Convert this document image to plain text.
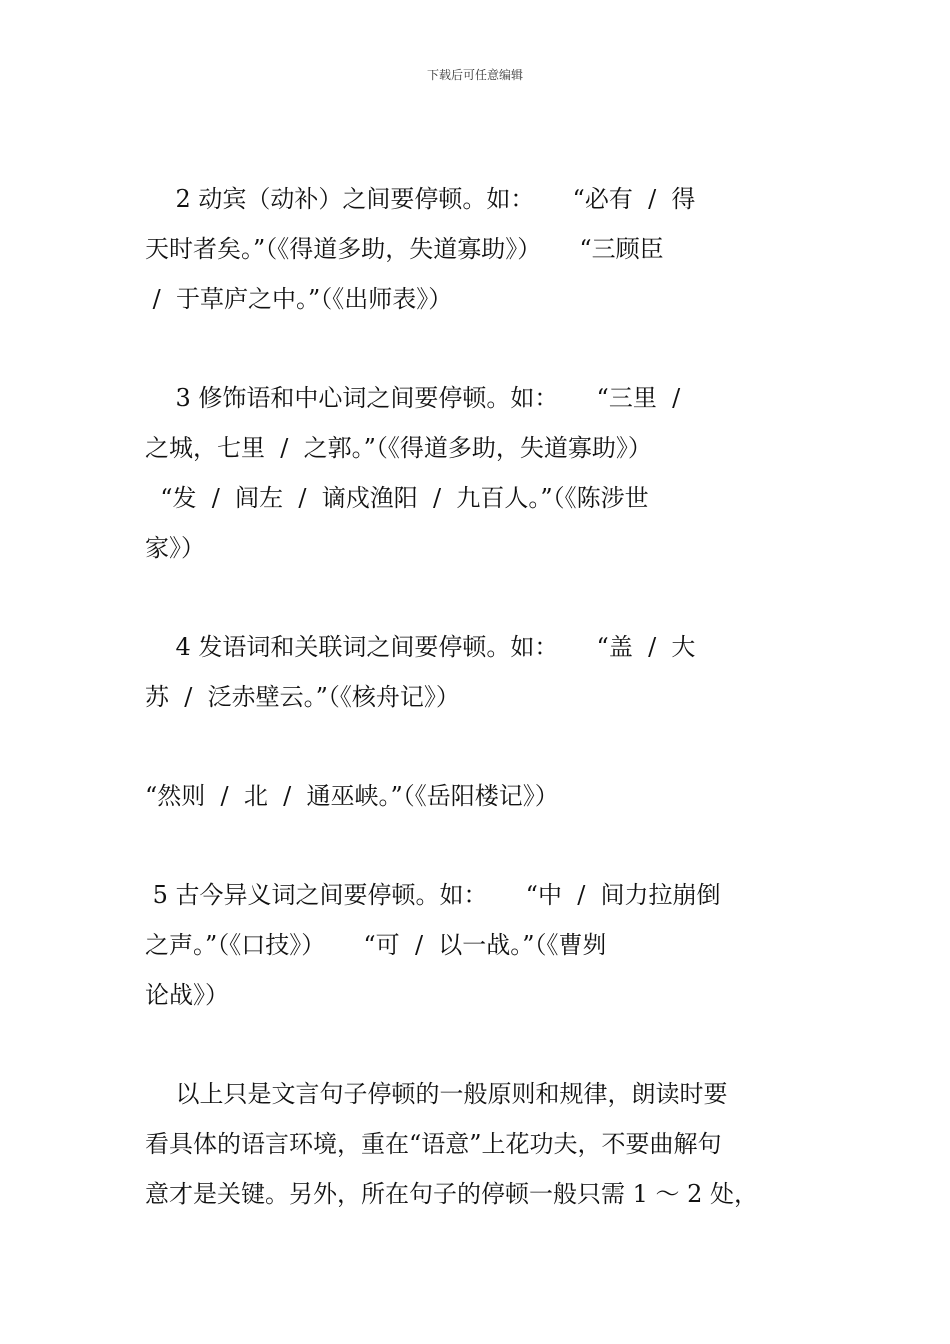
下载后可任意编辑
2 动宾（动补）之间要停顿。如：     “必有  /  得
天时者矣。”（《得道多助，失道寡助》）     “三顾臣
/  于草庐之中。”（《出师表》）
3 修饰语和中心词之间要停顿。如：     “三里  /
之城，七里  /  之郭。”（《得道多助，失道寡助》）
“发  /  闾左  /  谪戍渔阳  /  九百人。”（《陈涉世
家》）
4 发语词和关联词之间要停顿。如：     “盖  /  大
苏  /  泛赤壁云。”（《核舟记》）
“然则  /  北  /  通巫峡。”（《岳阳楼记》）
5 古今异义词之间要停顿。如：     “中  /  间力拉崩倒
之声。”（《口技》）     “可  /  以一战。”（《曹刿
论战》）
以上只是文言句子停顿的一般原则和规律，朗读时要
看具体的语言环境，重在“语意”上花功夫，不要曲解句
意才是关键。另外，所在句子的停顿一般只需 1 ～ 2 处，
